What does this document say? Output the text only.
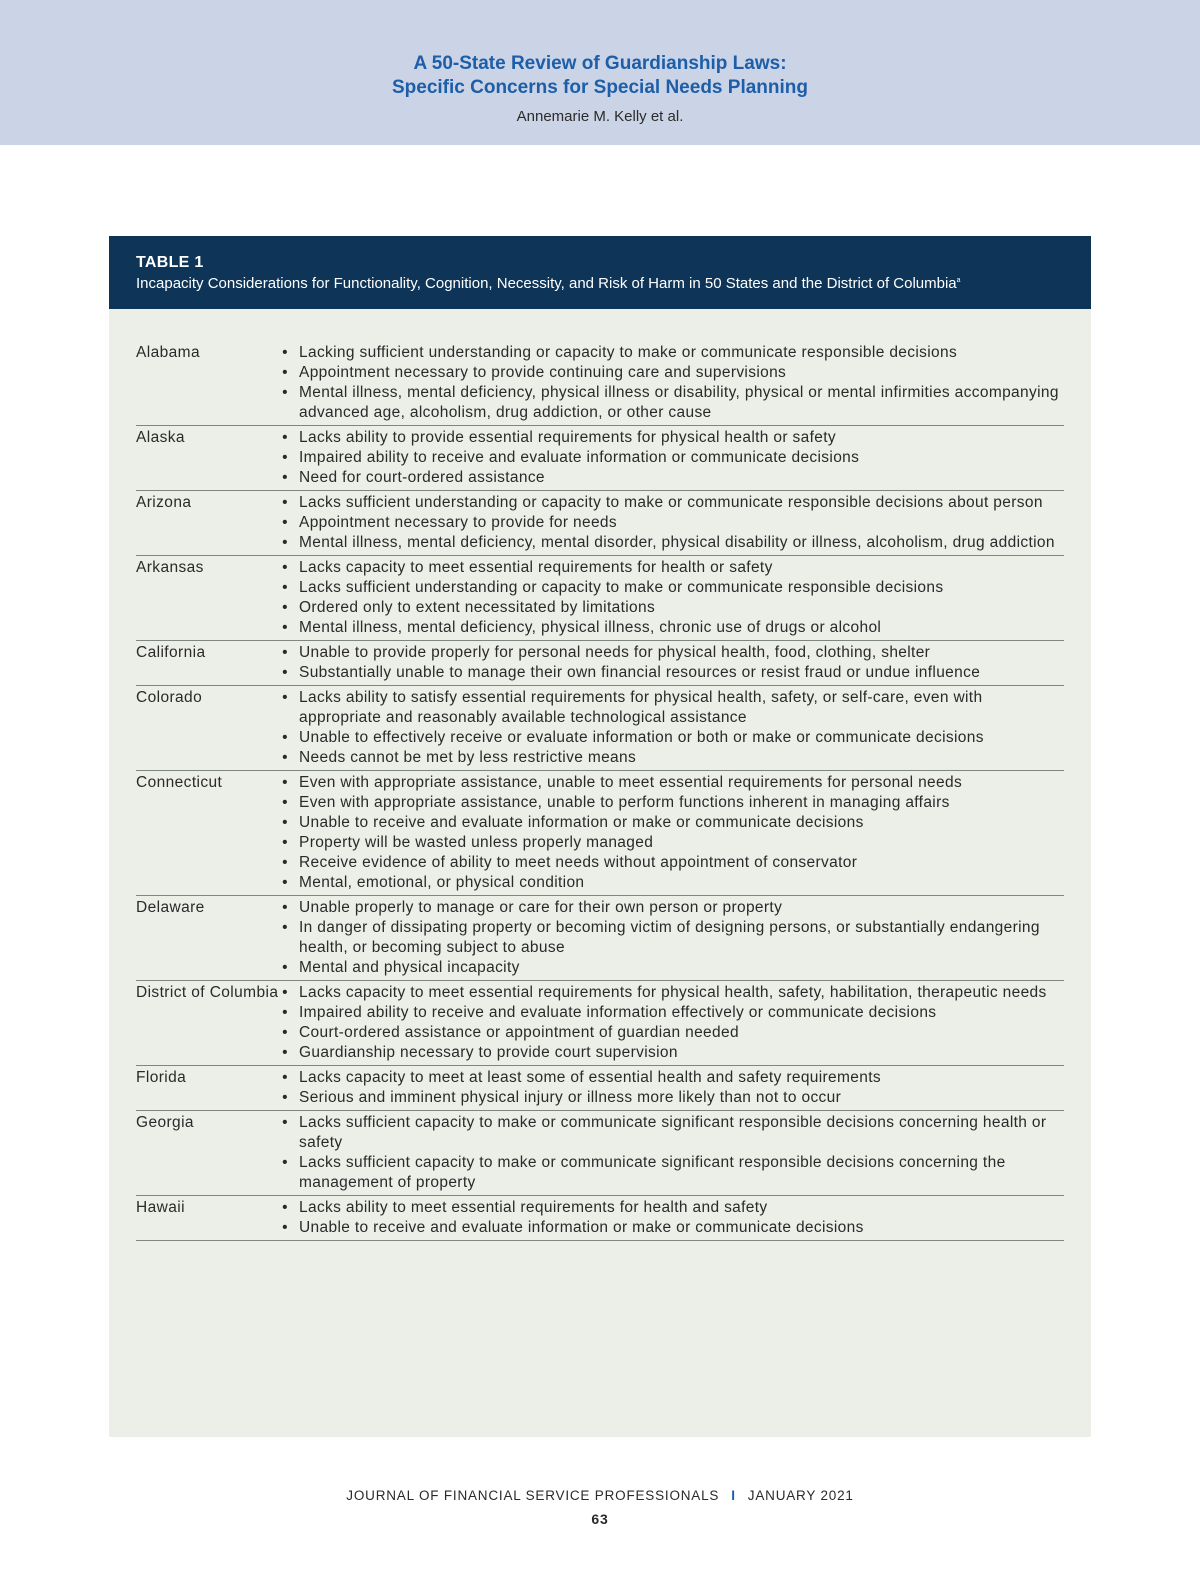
A 50-State Review of Guardianship Laws:
Specific Concerns for Special Needs Planning
Annemarie M. Kelly et al.
TABLE 1
Incapacity Considerations for Functionality, Cognition, Necessity, and Risk of Harm in 50 States and the District of Columbia$^a$
Alabama	• Lacking sufficient understanding or capacity to make or communicate responsible decisions
• Appointment necessary to provide continuing care and supervisions
• Mental illness, mental deficiency, physical illness or disability, physical or mental infirmities accompanying advanced age, alcoholism, drug addiction, or other cause
Alaska	• Lacks ability to provide essential requirements for physical health or safety
• Impaired ability to receive and evaluate information or communicate decisions
• Need for court-ordered assistance
Arizona	• Lacks sufficient understanding or capacity to make or communicate responsible decisions about person
• Appointment necessary to provide for needs
• Mental illness, mental deficiency, mental disorder, physical disability or illness, alcoholism, drug addiction
Arkansas	• Lacks capacity to meet essential requirements for health or safety
• Lacks sufficient understanding or capacity to make or communicate responsible decisions
• Ordered only to extent necessitated by limitations
• Mental illness, mental deficiency, physical illness, chronic use of drugs or alcohol
California	• Unable to provide properly for personal needs for physical health, food, clothing, shelter
• Substantially unable to manage their own financial resources or resist fraud or undue influence
Colorado	• Lacks ability to satisfy essential requirements for physical health, safety, or self-care, even with appropriate and reasonably available technological assistance
• Unable to effectively receive or evaluate information or both or make or communicate decisions
• Needs cannot be met by less restrictive means
Connecticut	• Even with appropriate assistance, unable to meet essential requirements for personal needs
• Even with appropriate assistance, unable to perform functions inherent in managing affairs
• Unable to receive and evaluate information or make or communicate decisions
• Property will be wasted unless properly managed
• Receive evidence of ability to meet needs without appointment of conservator
• Mental, emotional, or physical condition
Delaware	• Unable properly to manage or care for their own person or property
• In danger of dissipating property or becoming victim of designing persons, or substantially endangering health, or becoming subject to abuse
• Mental and physical incapacity
District of Columbia • Lacks capacity to meet essential requirements for physical health, safety, habilitation, therapeutic needs
• Impaired ability to receive and evaluate information effectively or communicate decisions
• Court-ordered assistance or appointment of guardian needed
• Guardianship necessary to provide court supervision
Florida	• Lacks capacity to meet at least some of essential health and safety requirements
• Serious and imminent physical injury or illness more likely than not to occur
Georgia	• Lacks sufficient capacity to make or communicate significant responsible decisions concerning health or safety
• Lacks sufficient capacity to make or communicate significant responsible decisions concerning the management of property
Hawaii	• Lacks ability to meet essential requirements for health and safety
• Unable to receive and evaluate information or make or communicate decisions
JOURNAL OF FINANCIAL SERVICE PROFESSIONALS I JANUARY 2021
63
